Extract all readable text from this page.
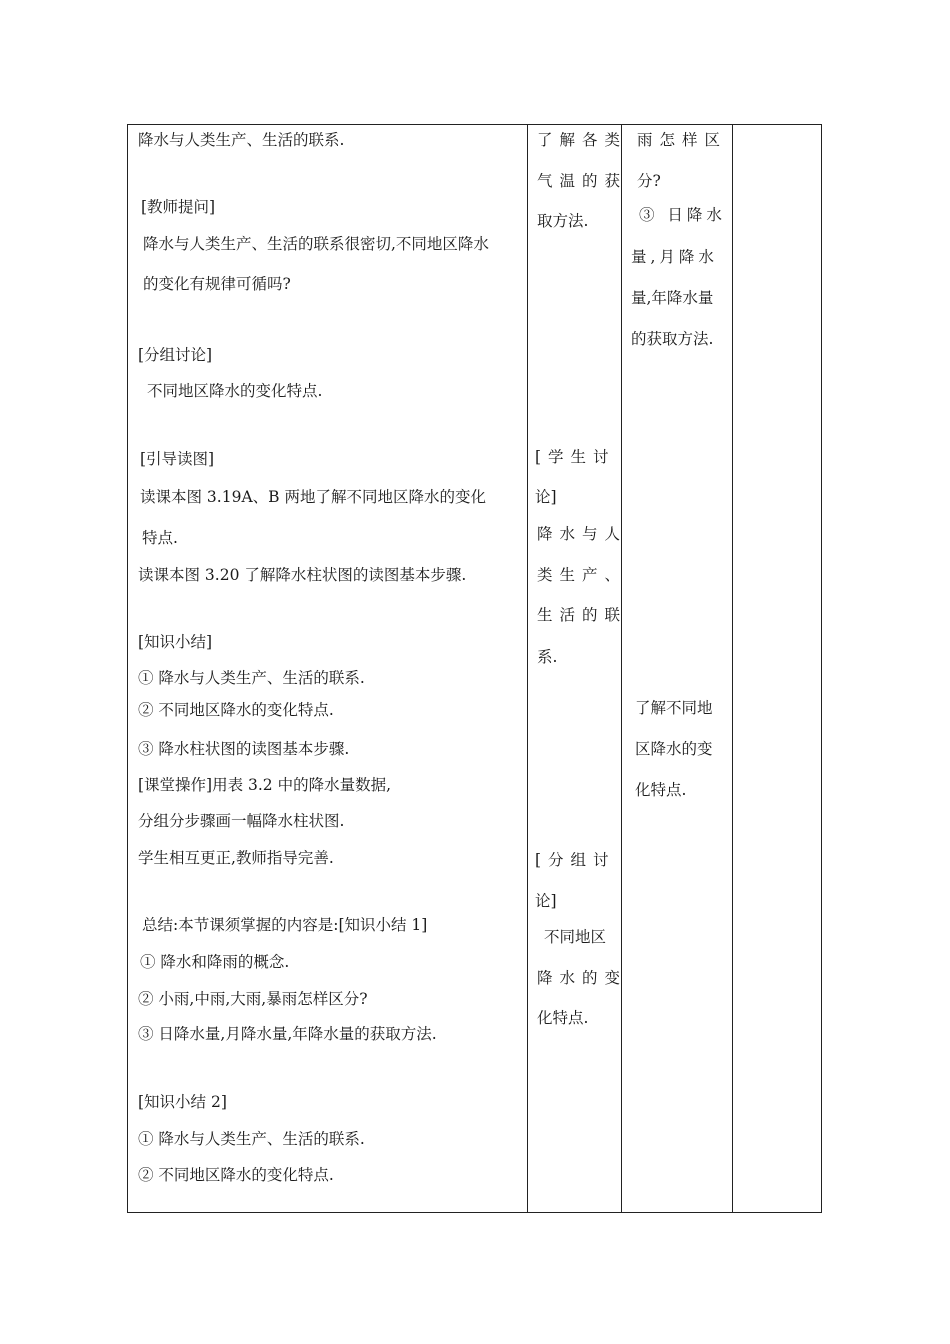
降水与人类生产、生活的联系.
[教师提问]
降水与人类生产、生活的联系很密切,不同地区降水
的变化有规律可循吗?
[分组讨论]
不同地区降水的变化特点.
[引导读图]
读课本图 3.19A、B 两地了解不同地区降水的变化
特点.
读课本图 3.20 了解降水柱状图的读图基本步骤.
[知识小结]
① 降水与人类生产、生活的联系.
② 不同地区降水的变化特点.
③ 降水柱状图的读图基本步骤.
[课堂操作]用表 3.2 中的降水量数据,
分组分步骤画一幅降水柱状图.
学生相互更正,教师指导完善.
总结:本节课须掌握的内容是:[知识小结 1]
① 降水和降雨的概念.
② 小雨,中雨,大雨,暴雨怎样区分?
③ 日降水量,月降水量,年降水量的获取方法.
[知识小结 2]
① 降水与人类生产、生活的联系.
② 不同地区降水的变化特点.
了解各类
气温的获
取方法.
[学生讨
论]
降水与人
类生产、
生活的联
系.
[分组讨
论]
不同地区
降水的变
化特点.
雨怎样区
分?
③ 日降水
量,月降水
量,年降水量
的获取方法.
了解不同地
区降水的变
化特点.
